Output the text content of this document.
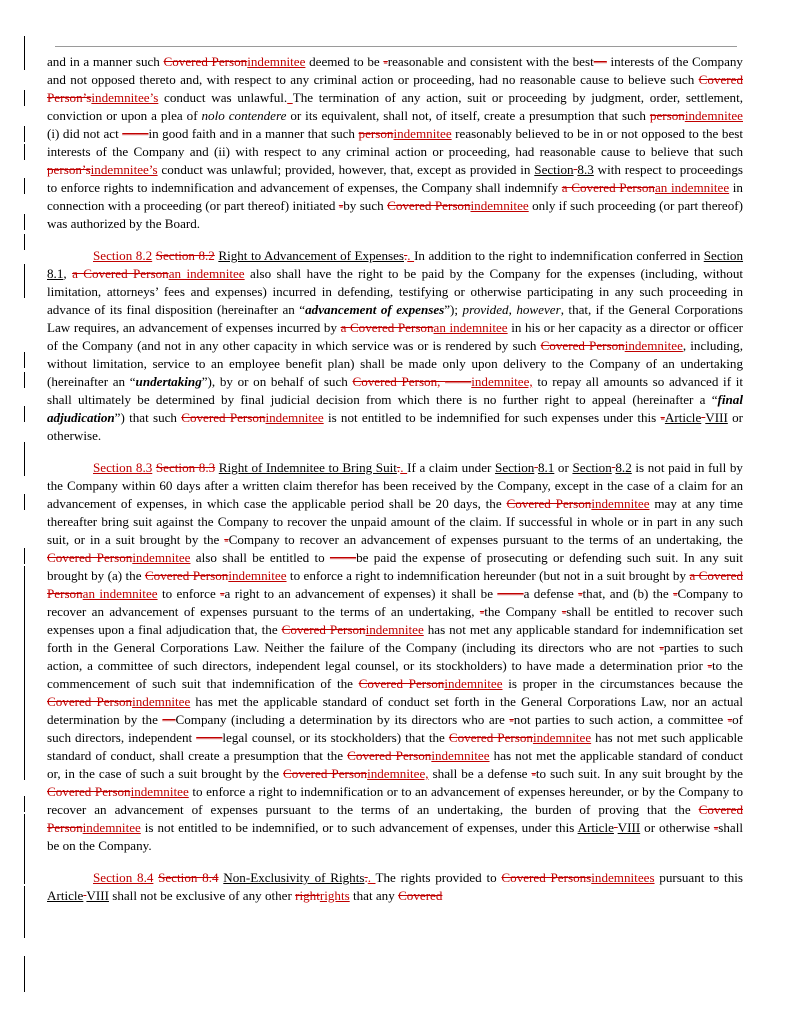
and in a manner such Covered Personindemnitee deemed to be -reasonable and consistent with the best— interests of the Company and not opposed thereto and, with respect to any criminal action or proceeding, had no reasonable cause to believe such Covered Person’sindemnitee’s conduct was unlawful. The termination of any action, suit or proceeding by judgment, order, settlement, conviction or upon a plea of nolo contendere or its equivalent, shall not, of itself, create a presumption that such personindemnitee (i) did not act ——in good faith and in a manner that such personindemnitee reasonably believed to be in or not opposed to the best interests of the Company and (ii) with respect to any criminal action or proceeding, had reasonable cause to believe that such person’sindemnitee’s conduct was unlawful; provided, however, that, except as provided in Section 8.3 with respect to proceedings to enforce rights to indemnification and advancement of expenses, the Company shall indemnify a Covered Personan indemnitee in connection with a proceeding (or part thereof) initiated -by such Covered Personindemnitee only if such proceeding (or part thereof) was authorized by the Board.

Section 8.2 Section 8.2 Right to Advancement of Expenses.. In addition to the right to indemnification conferred in Section 8.1, a Covered Personan indemnitee also shall have the right to be paid by the Company for the expenses (including, without limitation, attorneys’ fees and expenses) incurred in defending, testifying or otherwise participating in any such proceeding in advance of its final disposition (hereinafter an “advancement of expenses”); provided, however, that, if the General Corporations Law requires, an advancement of expenses incurred by a Covered Personan indemnitee in his or her capacity as a director or officer of the Company (and not in any other capacity in which service was or is rendered by such Covered Personindemnitee, including, without limitation, service to an employee benefit plan) shall be made only upon delivery to the Company of an undertaking (hereinafter an “undertaking”), by or on behalf of such Covered Person, ——indemnitee, to repay all amounts so advanced if it shall ultimately be determined by final judicial decision from which there is no further right to appeal (hereinafter a “final adjudication”) that such Covered Personindemnitee is not entitled to be indemnified for such expenses under this -Article VIII or otherwise.

Section 8.3 Section 8.3 Right of Indemnitee to Bring Suit.. If a claim under Section 8.1 or Section 8.2 is not paid in full by the Company within 60 days after a written claim therefor has been received by the Company, except in the case of a claim for an advancement of expenses, in which case the applicable period shall be 20 days, the Covered Personindemnitee may at any time thereafter bring suit against the Company to recover the unpaid amount of the claim. If successful in whole or in part in any such suit, or in a suit brought by the -Company to recover an advancement of expenses pursuant to the terms of an undertaking, the Covered Personindemnitee also shall be entitled to ——be paid the expense of prosecuting or defending such suit. In any suit brought by (a) the Covered Personindemnitee to enforce a right to indemnification hereunder (but not in a suit brought by a Covered Personan indemnitee to enforce -a right to an advancement of expenses) it shall be ——a defense -that, and (b) the -Company to recover an advancement of expenses pursuant to the terms of an undertaking, -the Company -shall be entitled to recover such expenses upon a final adjudication that, the Covered Personindemnitee has not met any applicable standard for indemnification set forth in the General Corporations Law. Neither the failure of the Company (including its directors who are not -parties to such action, a committee of such directors, independent legal counsel, or its stockholders) to have made a determination prior -to the commencement of such suit that indemnification of the Covered Personindemnitee is proper in the circumstances because the Covered Personindemnitee has met the applicable standard of conduct set forth in the General Corporations Law, nor an actual determination by the —Company (including a determination by its directors who are -not parties to such action, a committee -of such directors, independent ——legal counsel, or its stockholders) that the Covered Personindemnitee has not met such applicable standard of conduct, shall create a presumption that the Covered Personindemnitee has not met the applicable standard of conduct or, in the case of such a suit brought by the Covered Personindemnitee, shall be a defense -to such suit. In any suit brought by the Covered Personindemnitee to enforce a right to indemnification or to an advancement of expenses hereunder, or by the Company to recover an advancement of expenses pursuant to the terms of an undertaking, the burden of proving that the Covered Personindemnitee is not entitled to be indemnified, or to such advancement of expenses, under this Article VIII or otherwise -shall be on the Company.

Section 8.4 Section 8.4 Non-Exclusivity of Rights.. The rights provided to Covered Personsindemnitees pursuant to this Article VIII shall not be exclusive of any other rightrights that any Covered
